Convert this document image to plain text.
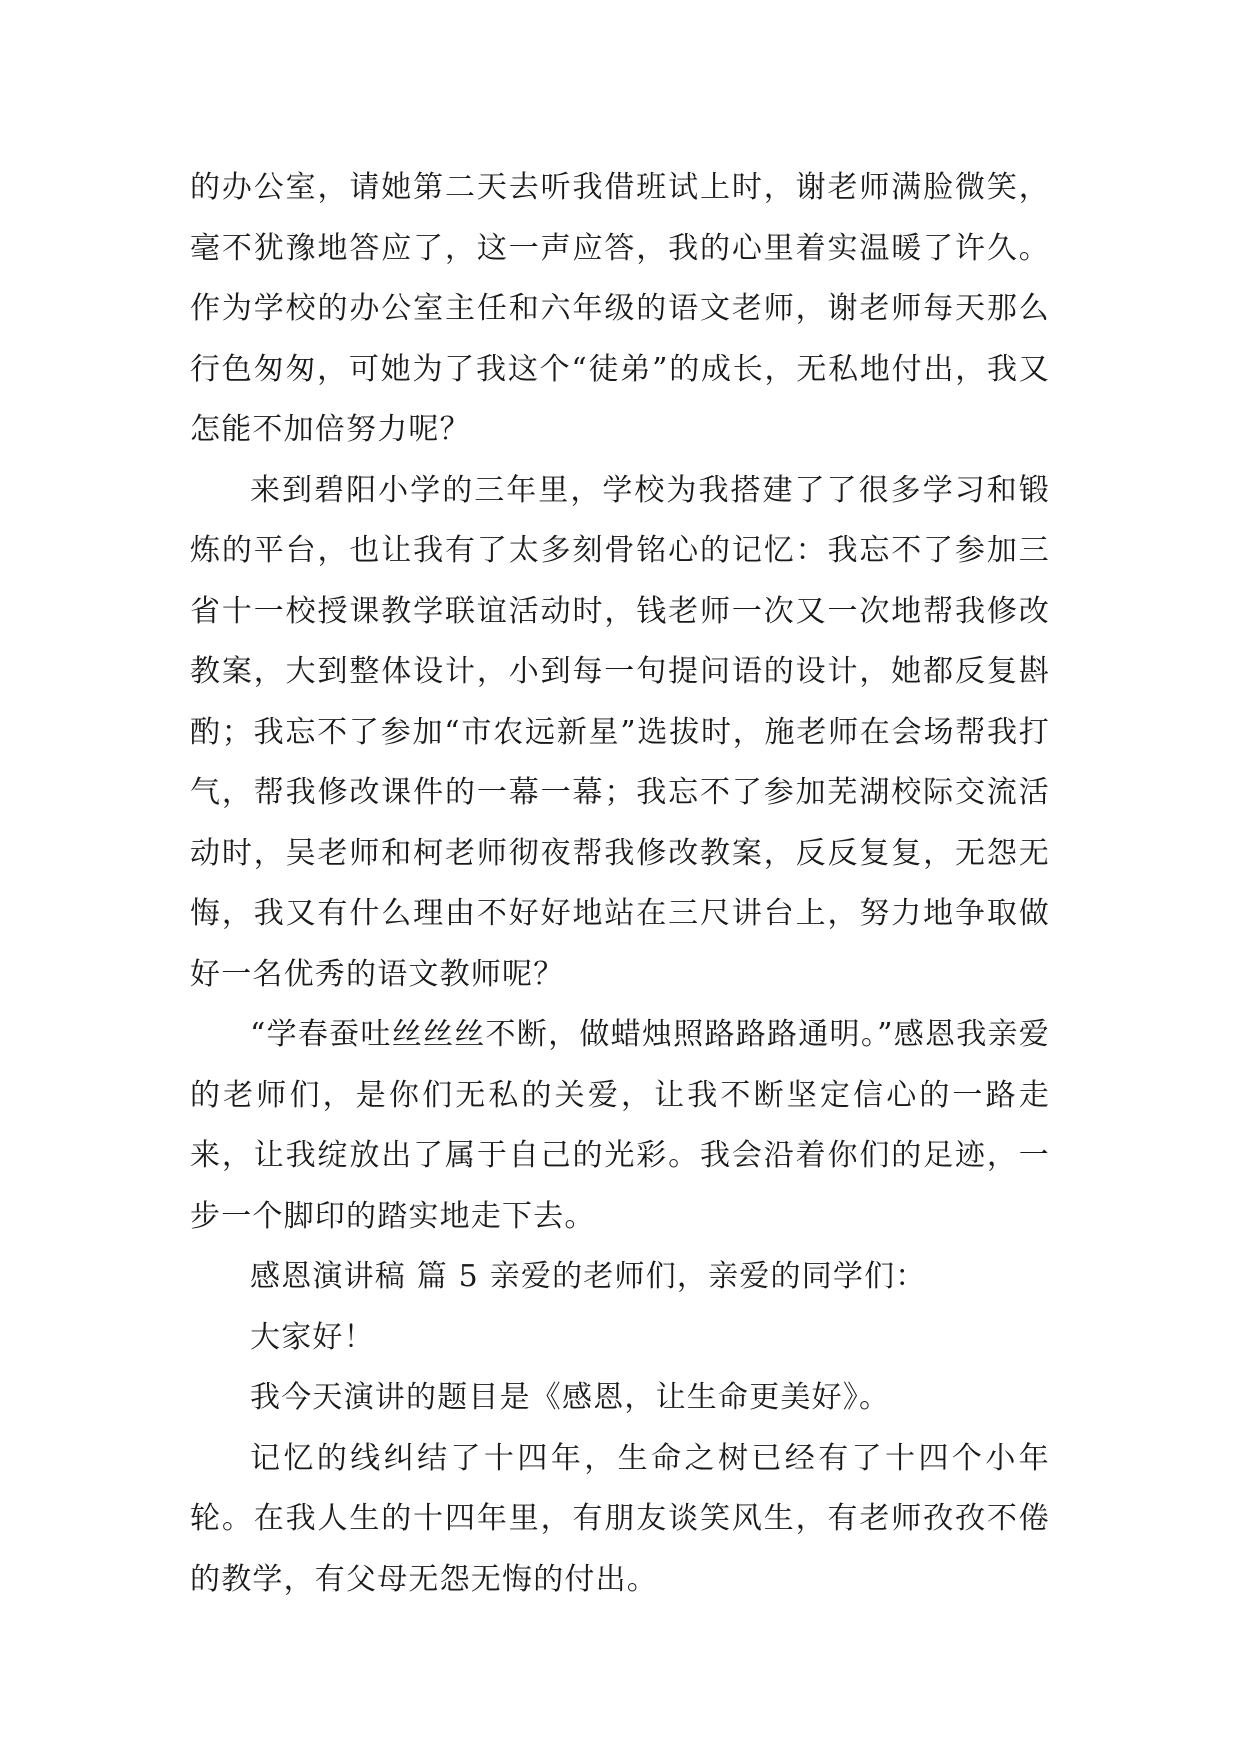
的办公室，请她第二天去听我借班试上时，谢老师满脸微笑，毫不犹豫地答应了，这一声应答，我的心里着实温暖了许久。作为学校的办公室主任和六年级的语文老师，谢老师每天那么行色匆匆，可她为了我这个“徒弟”的成长，无私地付出，我又怎能不加倍努力呢？

来到碧阳小学的三年里，学校为我搭建了了很多学习和锻炼的平台，也让我有了太多刻骨铭心的记忆：我忘不了参加三省十一校授课教学联谊活动时，钱老师一次又一次地帮我修改教案，大到整体设计，小到每一句提问语的设计，她都反复斟酌；我忘不了参加“市农远新星”选拔时，施老师在会场帮我打气，帮我修改课件的一幕一幕；我忘不了参加芜湖校际交流活动时，吴老师和柯老师彻夜帮我修改教案，反反复复，无怨无悔，我又有什么理由不好好地站在三尺讲台上，努力地争取做好一名优秀的语文教师呢？

“学春蚕吐丝丝丝不断，做蜡烛照路路路通明。”感恩我亲爱的老师们，是你们无私的关爱，让我不断坚定信心的一路走来，让我绽放出了属于自己的光彩。我会沿着你们的足迹，一步一个脚印的踏实地走下去。

感恩演讲稿 篇 5 亲爱的老师们，亲爱的同学们：

大家好！

我今天演讲的题目是《感恩，让生命更美好》。

记忆的线纠结了十四年，生命之树已经有了十四个小年轮。在我人生的十四年里，有朋友谈笑风生，有老师孜孜不倦的教学，有父母无怨无悔的付出。
